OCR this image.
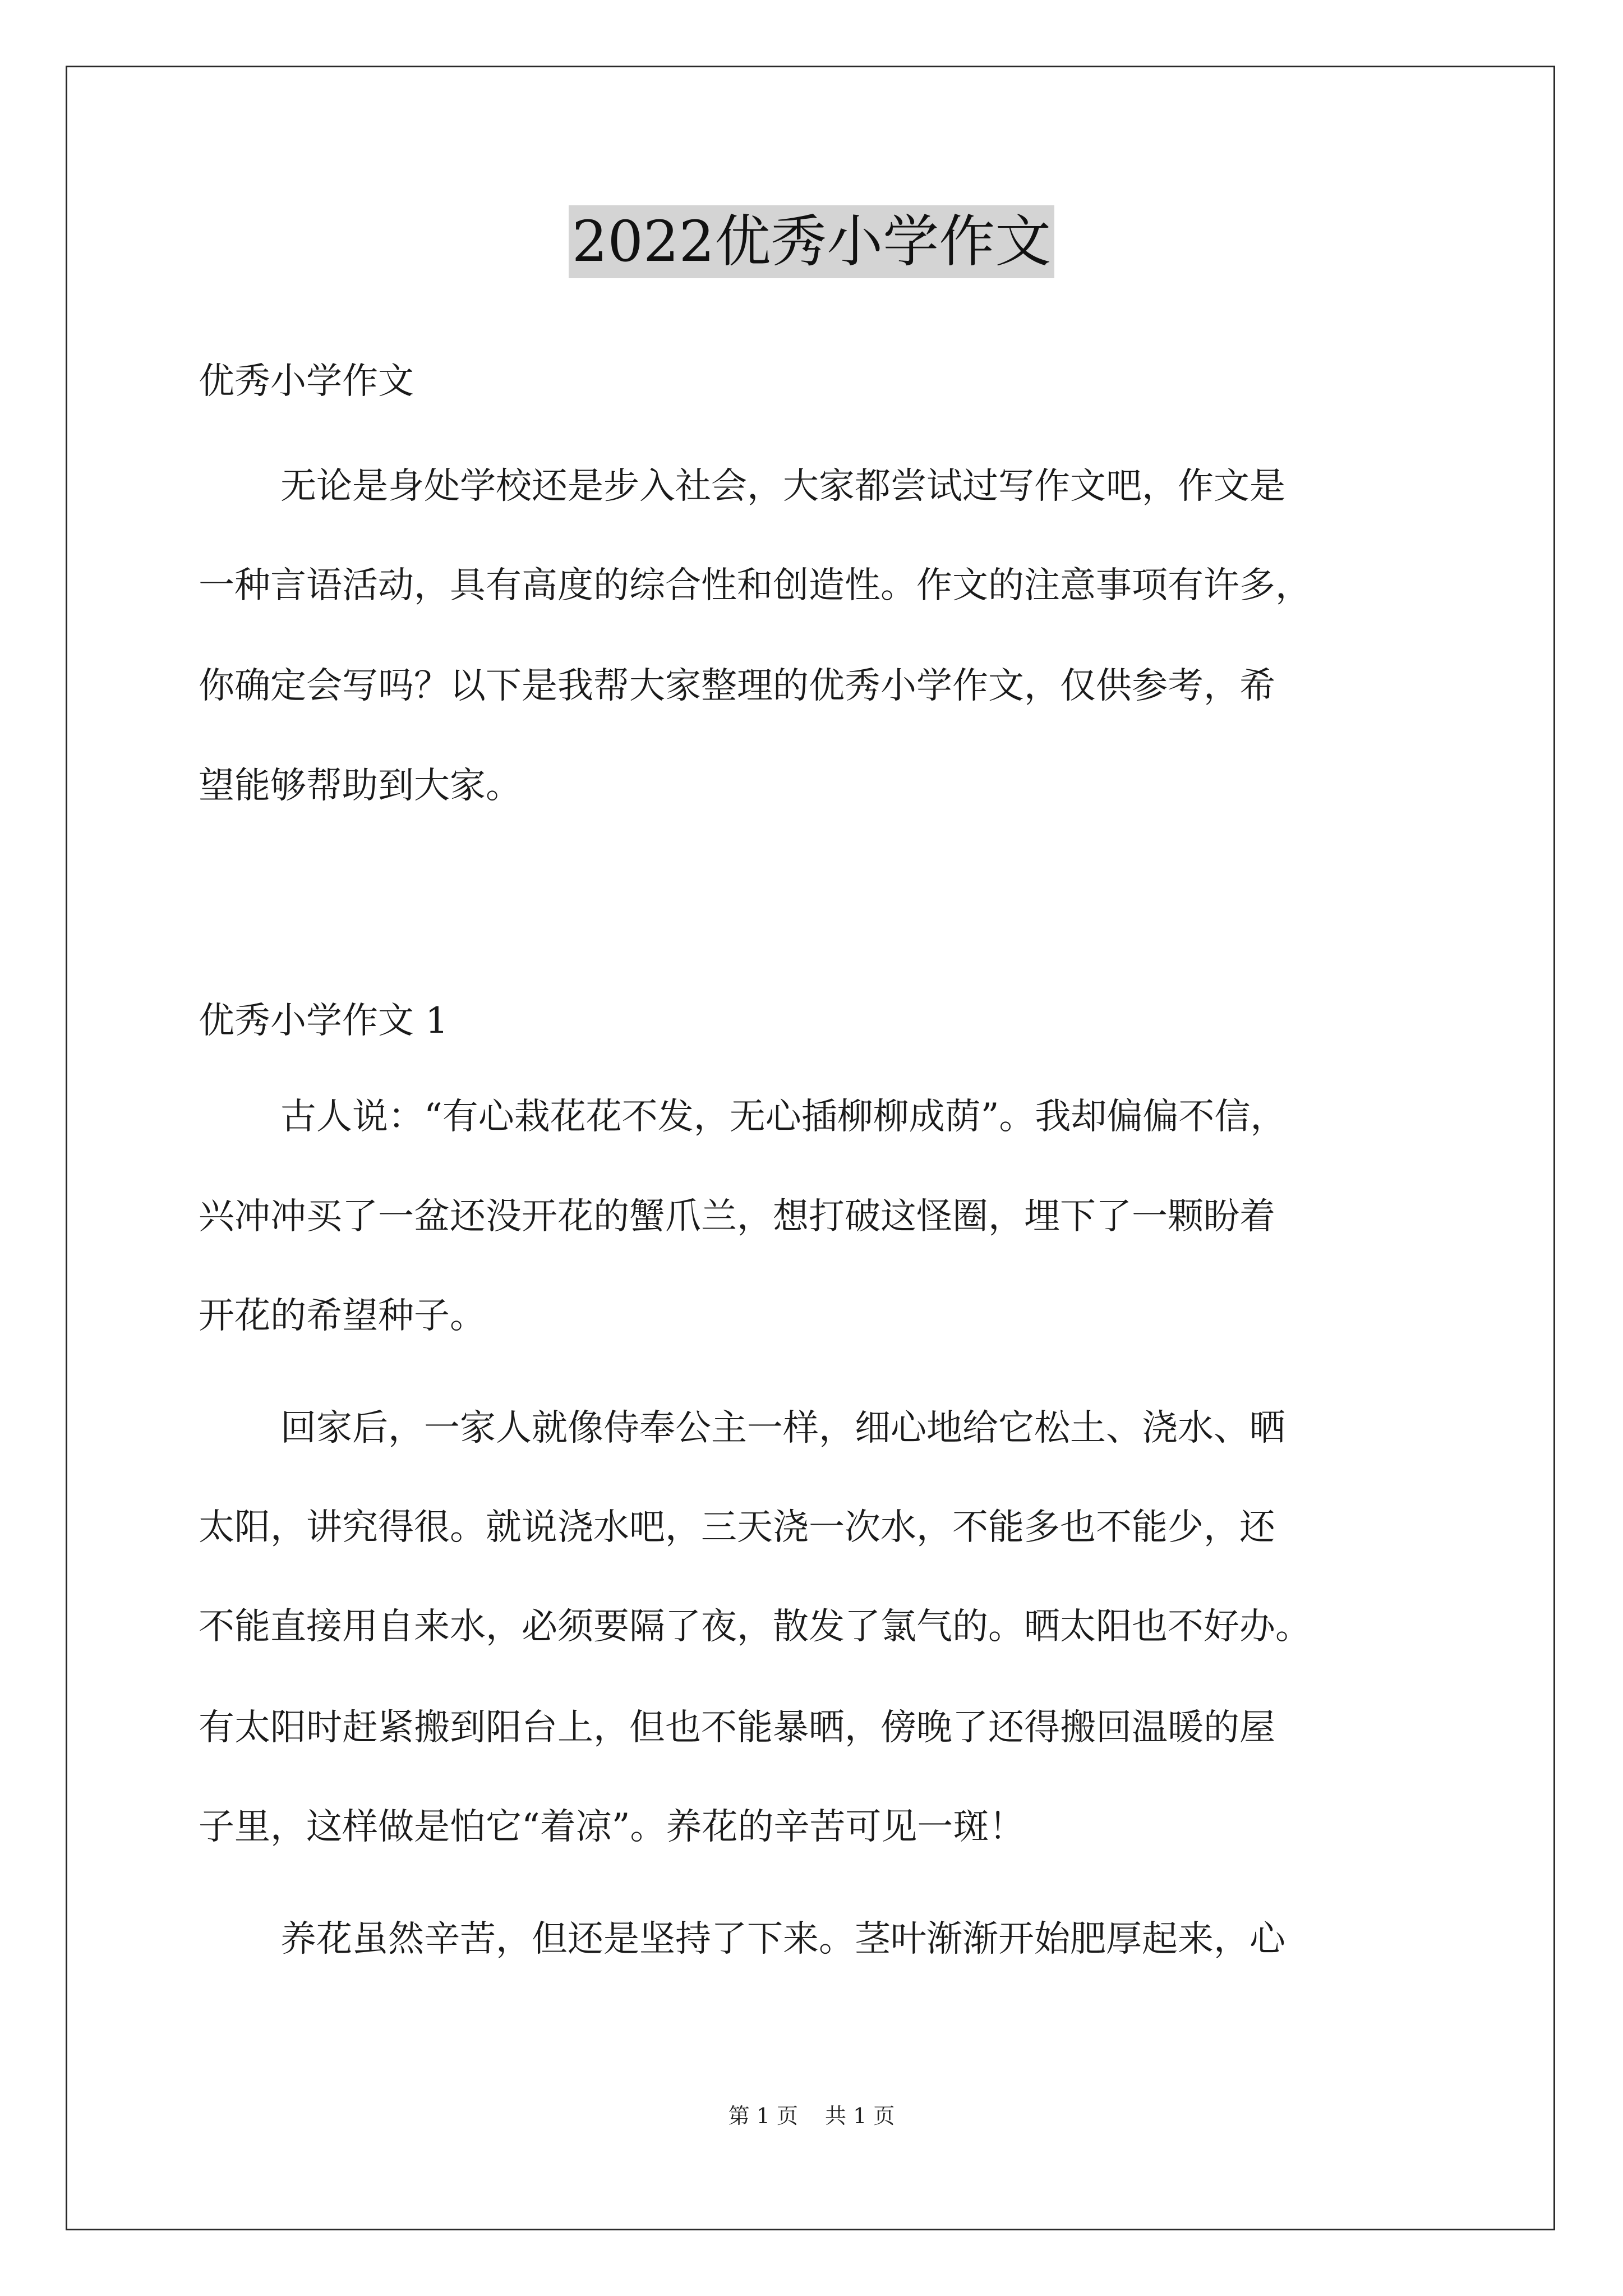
2022优秀小学作文
优秀小学作文
无论是身处学校还是步入社会，大家都尝试过写作文吧，作文是
一种言语活动，具有高度的综合性和创造性。作文的注意事项有许多，
你确定会写吗？以下是我帮大家整理的优秀小学作文，仅供参考，希
望能够帮助到大家。
优秀小学作文 1
古人说：“有心栽花花不发，无心插柳柳成荫”。我却偏偏不信，
兴冲冲买了一盆还没开花的蟹爪兰，想打破这怪圈，埋下了一颗盼着
开花的希望种子。
回家后，一家人就像侍奉公主一样，细心地给它松土、浇水、晒
太阳，讲究得很。就说浇水吧，三天浇一次水，不能多也不能少，还
不能直接用自来水，必须要隔了夜，散发了氯气的。晒太阳也不好办。
有太阳时赶紧搬到阳台上，但也不能暴晒，傍晚了还得搬回温暖的屋
子里，这样做是怕它“着凉”。养花的辛苦可见一斑！
养花虽然辛苦，但还是坚持了下来。茎叶渐渐开始肥厚起来，心
第 1 页 共 1 页
